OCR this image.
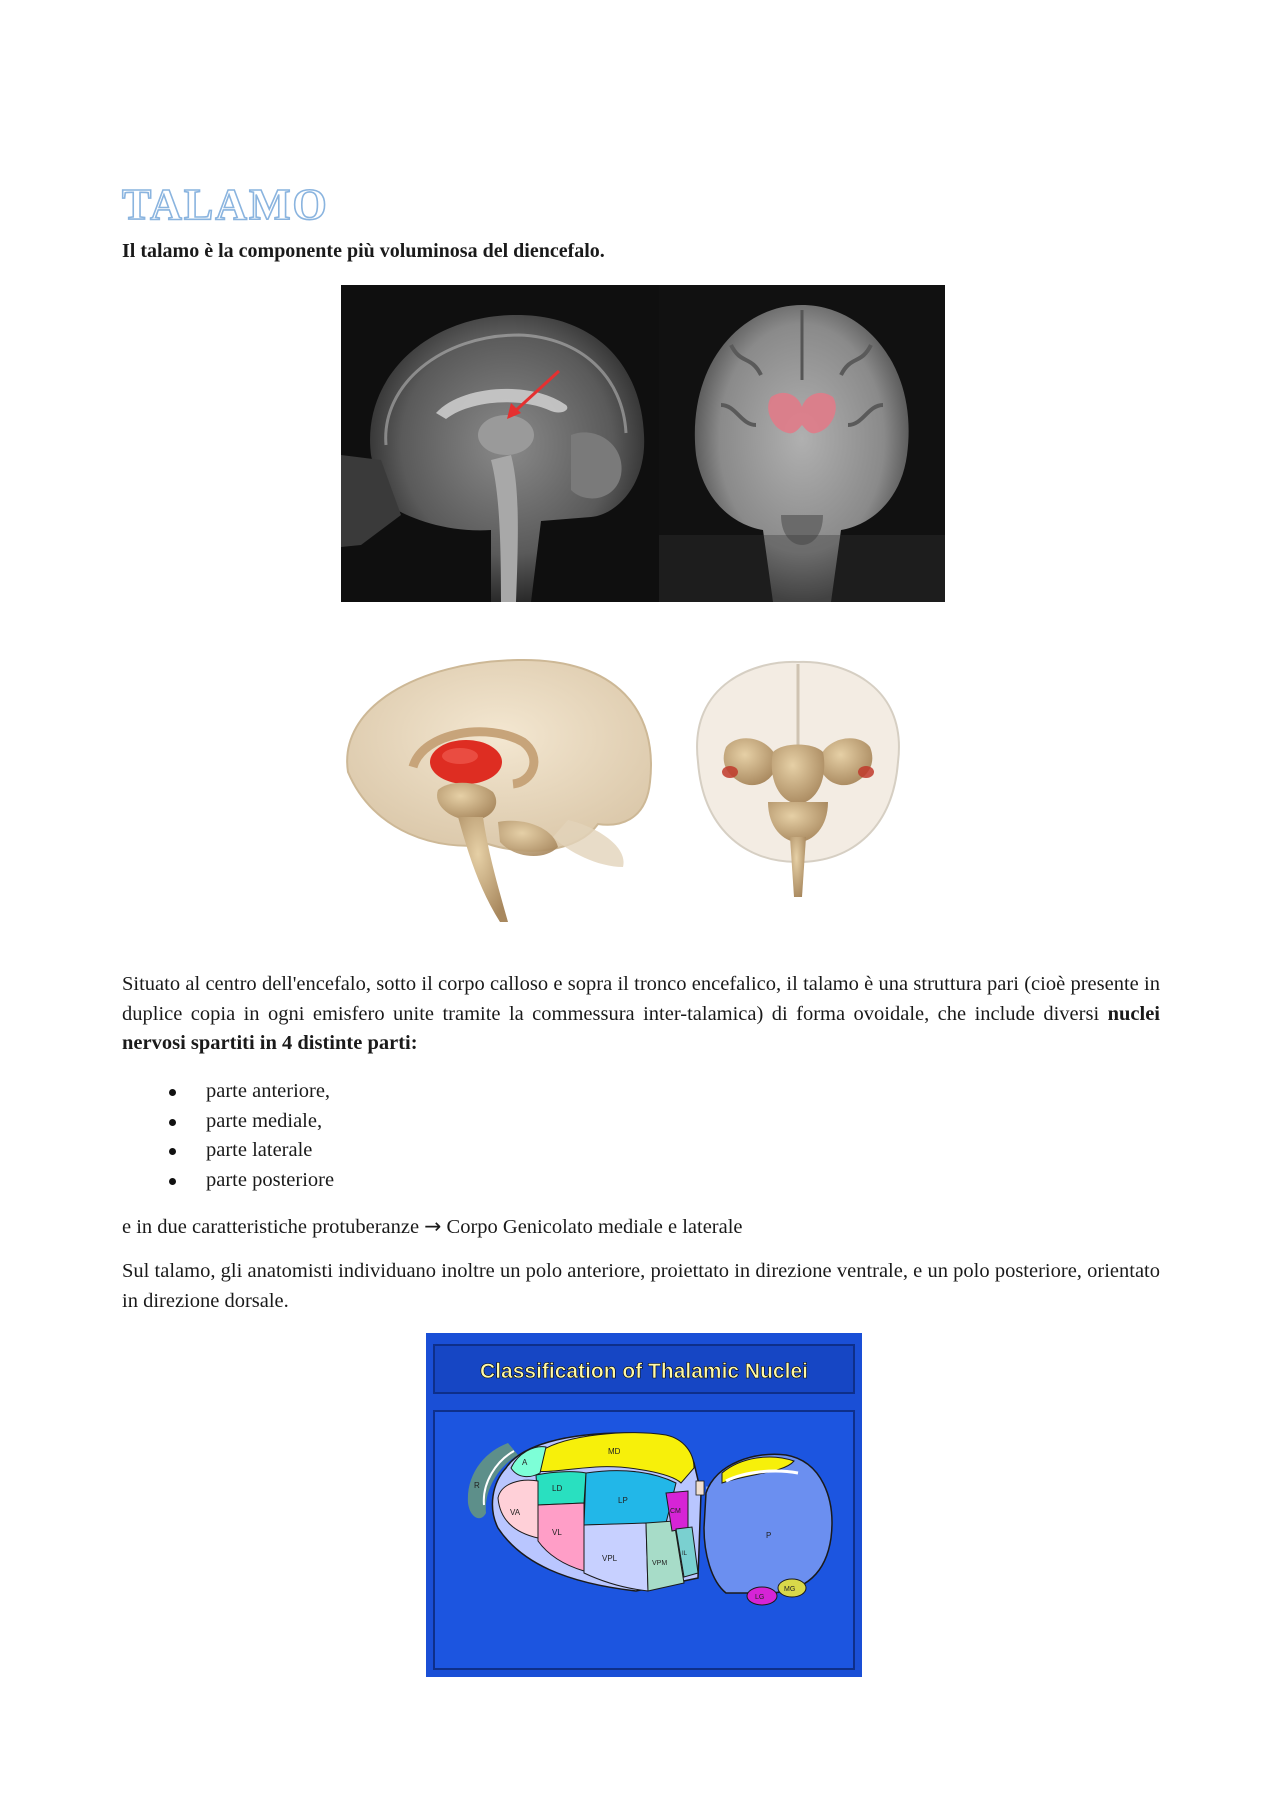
TALAMO

Il talamo è la componente più voluminosa del diencefalo.

Situato al centro dell'encefalo, sotto il corpo calloso e sopra il tronco encefalico, il talamo è una struttura pari (cioè presente in duplice copia in ogni emisfero unite tramite la commessura inter-talamica) di forma ovoidale, che include diversi nuclei nervosi spartiti in 4 distinte parti:

parte anteriore,
parte mediale,
parte laterale
parte posteriore

e in due caratteristiche protuberanze → Corpo Genicolato mediale e laterale

Sul talamo, gli anatomisti individuano inoltre un polo anteriore, proiettato in direzione ventrale, e un polo posteriore, orientato in direzione dorsale.

Classification of Thalamic Nuclei
R
MD
A
LD
LP
VA
VL
VPL
VPM
CM
IL
P
LG
MG
